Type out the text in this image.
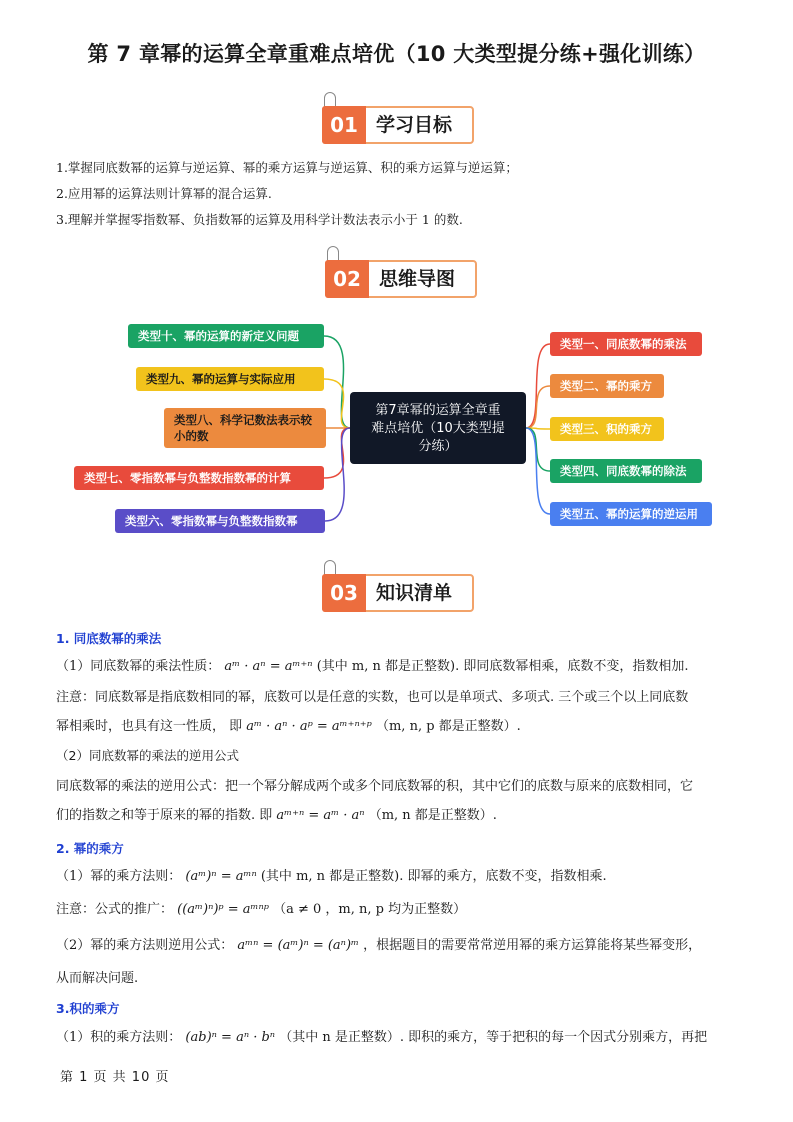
第 7 章幂的运算全章重难点培优（10 大类型提分练+强化训练）
01 学习目标
1.掌握同底数幂的运算与逆运算、幂的乘方运算与逆运算、积的乘方运算与逆运算；
2.应用幂的运算法则计算幂的混合运算.
3.理解并掌握零指数幂、负指数幂的运算及用科学计数法表示小于 1 的数.
02 思维导图
第7章幂的运算全章重
难点培优（10大类型提
分练）
类型一、同底数幂的乘法
类型二、幂的乘方
类型三、积的乘方
类型四、同底数幂的除法
类型五、幂的运算的逆运用
类型十、幂的运算的新定义问题
类型九、幂的运算与实际应用
类型八、科学记数法表示较
小的数
类型七、零指数幂与负整数指数幂的计算
类型六、零指数幂与负整数指数幂
03 知识清单
1. 同底数幂的乘法
（1）同底数幂的乘法性质： aᵐ · aⁿ = aᵐ⁺ⁿ (其中 m, n 都是正整数). 即同底数幂相乘，底数不变，指数相加.
注意：同底数幂是指底数相同的幂，底数可以是任意的实数，也可以是单项式、多项式. 三个或三个以上同底数
幂相乘时，也具有这一性质， 即 aᵐ · aⁿ · aᵖ = aᵐ⁺ⁿ⁺ᵖ （m, n, p 都是正整数）.
（2）同底数幂的乘法的逆用公式
同底数幂的乘法的逆用公式：把一个幂分解成两个或多个同底数幂的积，其中它们的底数与原来的底数相同，它
们的指数之和等于原来的幂的指数. 即 aᵐ⁺ⁿ = aᵐ · aⁿ （m, n 都是正整数）.
2. 幂的乘方
（1）幂的乘方法则： (aᵐ)ⁿ = aᵐⁿ (其中 m, n 都是正整数). 即幂的乘方，底数不变，指数相乘.
注意：公式的推广： ((aᵐ)ⁿ)ᵖ = aᵐⁿᵖ （a ≠ 0 ，m, n, p 均为正整数）
（2）幂的乘方法则逆用公式： aᵐⁿ = (aᵐ)ⁿ = (aⁿ)ᵐ ，根据题目的需要常常逆用幂的乘方运算能将某些幂变形，
从而解决问题.
3.积的乘方
（1）积的乘方法则： (ab)ⁿ = aⁿ · bⁿ （其中 n 是正整数）. 即积的乘方，等于把积的每一个因式分别乘方，再把
第 1 页 共 10 页
